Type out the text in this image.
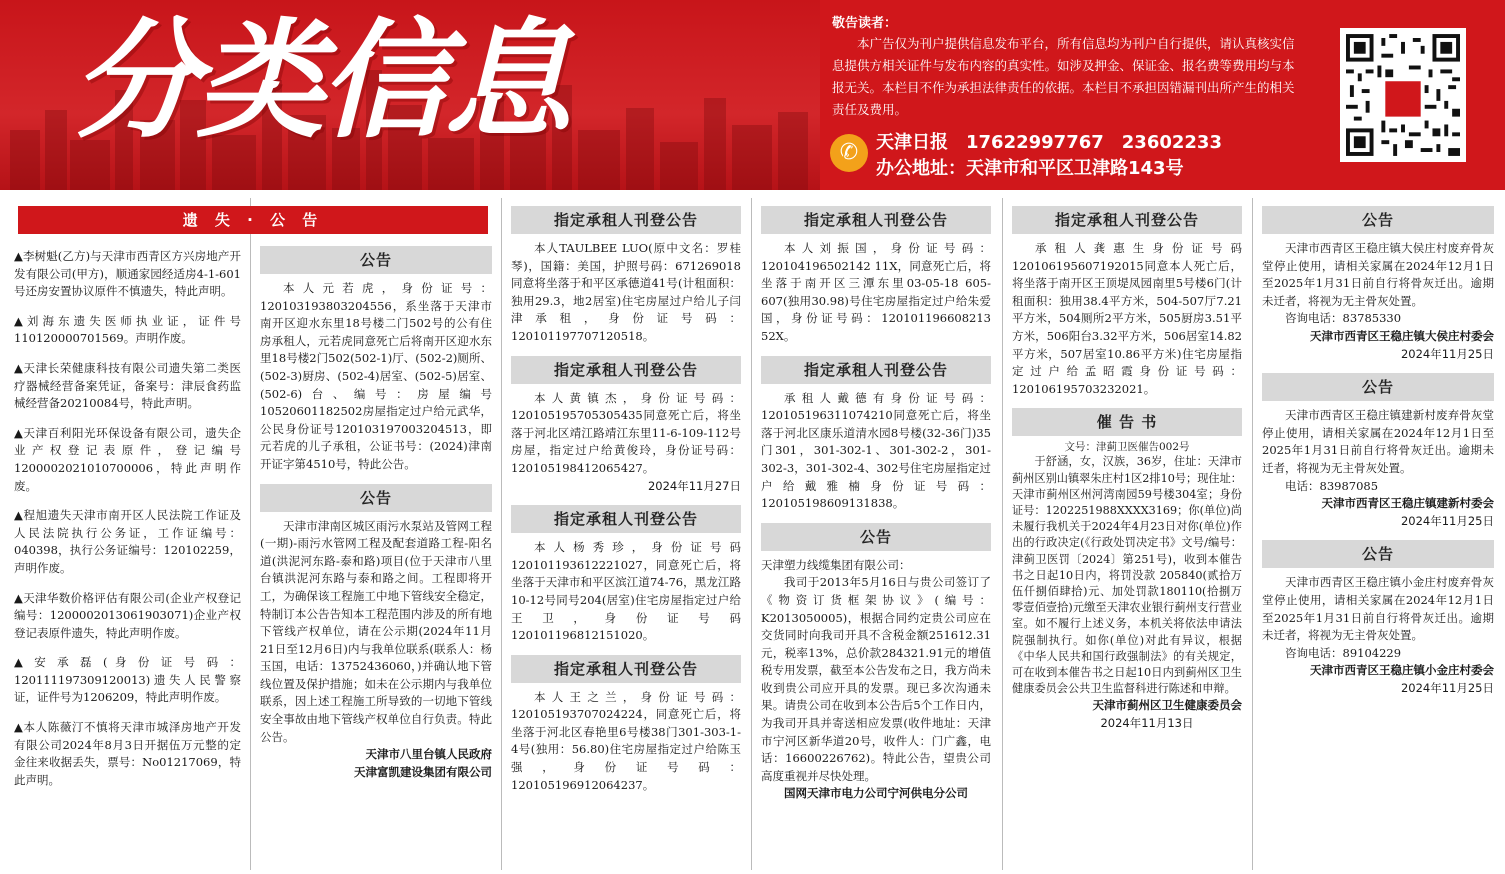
分类信息	敬告读者：
本广告仅为刊户提供信息发布平台，所有信息均为刊户自行提供，请认真核实信息提供方相关证件与发布内容的真实性。如涉及押金、保证金、报名费等费用均与本报无关。本栏目不作为承担法律责任的依据。本栏目不承担因错漏刊出所产生的相关责任及费用。
✆ 天津日报　17622997767　23602233
办公地址：天津市和平区卫津路143号
遗 失 · 公 告
▲李树魁(乙方)与天津市西青区方兴房地产开发有限公司(甲方)，顺通家园经适房4-1-601号还房安置协议原件不慎遗失，特此声明。
▲刘海东遗失医师执业证，证件号110120000701569。声明作废。
▲天津长荣健康科技有限公司遗失第二类医疗器械经营备案凭证，备案号：津辰食药监械经营备20210084号，特此声明。
▲天津百利阳光环保设备有限公司，遗失企业产权登记表原件，登记编号1200002021010700006，特此声明作废。
▲程旭遗失天津市南开区人民法院工作证及人民法院执行公务证，工作证编号：040398，执行公务证编号：120102259，声明作废。
▲天津华数价格评估有限公司(企业产权登记编号：1200002013061903071)企业产权登记表原件遗失，特此声明作废。
▲ 安 承 磊 ( 身 份 证 号 码 ：120111197309120013)遗失人民警察证，证件号为1206209，特此声明作废。
▲本人陈薇汀不慎将天津市城泽房地产开发有限公司2024年8月3日开据伍万元整的定金往来收据丢失，票号：No01217069，特此声明。
公告
本人元若虎，身份证号：120103193803204556，系坐落于天津市南开区迎水东里18号楼二门502号的公有住房承租人，元若虎同意死亡后将南开区迎水东里18号楼2门502(502-1)厅、(502-2)厕所、(502-3)厨房、(502-4)居室、(502-5)居室、(502-6)台、编号：房屋编号10520601182502房屋指定过户给元武华，公民身份证号120103197003204513，即元若虎的儿子承租，公证书号：(2024)津南开证字第4510号，特此公告。
公告
天津市津南区城区雨污水泵站及管网工程(一期)-雨污水管网工程及配套道路工程-阳名道(洪泥河东路-泰和路)项目(位于天津市八里台镇洪泥河东路与泰和路之间。工程即将开工，为确保该工程施工中地下管线安全稳定，特制订本公告告知本工程范围内涉及的所有地下管线产权单位，请在公示期(2024年11月21日至12月6日)内与我单位联系(联系人：杨玉国，电话：13752436060，)并确认地下管线位置及保护措施；如未在公示期内与我单位联系，因上述工程施工所导致的一切地下管线安全事故由地下管线产权单位自行负责。特此公告。
天津市八里台镇人民政府
天津富凯建设集团有限公司
指定承租人刊登公告
本人TAULBEE LUO(原中文名：罗桂琴)，国籍：美国，护照号码：671269018同意将坐落于和平区承德道41号(计租面积：独用29.3，地2居室)住宅房屋过户给儿子闫津承租，身份证号码：120101197707120518。
指定承租人刊登公告
本人黄镇杰，身份证号码：120105195705305435同意死亡后，将坐落于河北区靖江路靖江东里11-6-109-112号房屋，指定过户给黄俊玲，身份证号码：120105198412065427。
2024年11月27日
指定承租人刊登公告
本人杨秀珍，身份证号码120101193612221027，同意死亡后，将坐落于天津市和平区滨江道74-76，黑龙江路10-12号同号204(居室)住宅房屋指定过户给王卫，身份证号码120101196812151020。
指定承租人刊登公告
本人王之兰，身份证号码：120105193707024224，同意死亡后，将坐落于河北区春艳里6号楼38门301-303-1-4号(独用：56.80)住宅房屋指定过户给陈玉强，身份证号码：120105196912064237。
指定承租人刊登公告
本人刘振国，身份证号码：120104196502142 11X，同意死亡后，将坐落于南开区三潭东里03-05-18 605-607(独用30.98)号住宅房屋指定过户给朱爱国，身份证号码：120101196608213 52X。
指定承租人刊登公告
承租人戴德有身份证号码：120105196311074210同意死亡后，将坐落于河北区康乐道清水园8号楼(32-36门)35门301，301-302-1、301-302-2，301-302-3，301-302-4、302号住宅房屋指定过户给戴雅楠身份证号码：120105198609131838。
公告
天津塑力线缆集团有限公司：
我司于2013年5月16日与贵公司签订了《物资订货框架协议》(编号：K2013050005)，根据合同约定贵公司应在交货同时向我司开具不含税金额251612.31元，税率13%，总价款284321.91元的增值税专用发票，截至本公告发布之日，我方尚未收到贵公司应开具的发票。现已多次沟通未果。请贵公司在收到本公告后5个工作日内，为我司开具并寄送相应发票(收件地址：天津市宁河区新华道20号，收件人：门广鑫，电话：16600226762)。特此公告，望贵公司高度重视并尽快处理。
国网天津市电力公司宁河供电分公司
指定承租人刊登公告
承租人龚惠生身份证号码120106195607192015同意本人死亡后，将坐落于南开区王顶堤凤园南里5号楼6门(计租面积：独用38.4平方米，504-507厅7.21平方米，504厕所2平方米，505厨房3.51平方米，506阳台3.32平方米，506居室14.82平方米，507居室10.86平方米)住宅房屋指定过户给孟昭霞身份证号码：120106195703232021。
催 告 书
文号：津蓟卫医催告002号
于舒涵，女，汉族，36岁，住址：天津市蓟州区别山镇翠朱庄村1区2排10号；现住址：天津市蓟州区州河湾南园59号楼304室；身份证号：1202251988XXXX3169；你(单位)尚未履行我机关于2024年4月23日对你(单位)作出的行政决定(《行政处罚决定书》文号/编号：津蓟卫医罚〔2024〕第251号)，收到本催告书之日起10日内，将罚没款 205840(贰拾万伍仟捌佰肆拾)元、加处罚款180110(拾捌万零壹佰壹拾)元缴至天津农业银行蓟州支行营业室。如不履行上述义务，本机关将依法申请法院强制执行。如你(单位)对此有异议，根据《中华人民共和国行政强制法》的有关规定，可在收到本催告书之日起10日内到蓟州区卫生健康委员会公共卫生监督科进行陈述和申辩。
天津市蓟州区卫生健康委员会
2024年11月13日
公告
天津市西青区王稳庄镇大侯庄村废弃骨灰堂停止使用，请相关家属在2024年12月1日至2025年1月31日前自行将骨灰迁出。逾期未迁者，将视为无主骨灰处置。
咨询电话：83785330
天津市西青区王稳庄镇大侯庄村委会
2024年11月25日
公告
天津市西青区王稳庄镇建新村废弃骨灰堂停止使用，请相关家属在2024年12月1日至2025年1月31日前自行将骨灰迁出。逾期未迁者，将视为无主骨灰处置。
电话：83987085
天津市西青区王稳庄镇建新村委会
2024年11月25日
公告
天津市西青区王稳庄镇小金庄村废弃骨灰堂停止使用，请相关家属在2024年12月1日至2025年1月31日前自行将骨灰迁出。逾期未迁者，将视为无主骨灰处置。
咨询电话：89104229
天津市西青区王稳庄镇小金庄村委会
2024年11月25日
